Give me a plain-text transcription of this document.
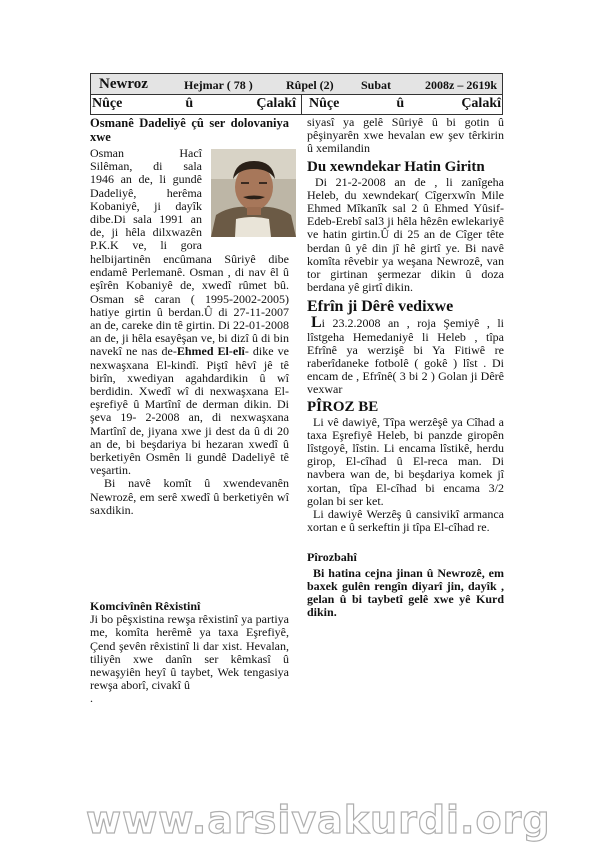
Newroz	Hejmar ( 78 )	Rûpel (2) Subat	2008z – 2619k
Nûçe	û	Çalakî Nûçe	û	Çalakî

Osmanê Dadeliyê çû ser dolovaniya xwe

Osman Hacî

Silêman, di sala

1946 an de, li gundê

Dadeliyê, herêma

Kobaniyê, ji dayîk

dibe.Di sala 1991 an

de, ji hêla dilxwazên

P.K.K ve, li gora

helbijartinên encûmana Sûriyê dibe endamê Perlemanê. Osman , di nav êl û eşîrên Kobaniyê de, xwedî rûmet bû. Osman sê caran ( 1995-2002-2005) hatiye girtin û berdan.Û di 27-11-2007 an de, careke din tê girtin. Di 22-01-2008 an de, ji hêla esayêşan ve, bi dizî û di bin navekî ne nas de-Ehmed El-elî- dike ve nexwaşxana El-kindî. Piştî hêvî jê tê birîn, xwediyan agahdardikin û wî berdidin. Xwedî wî di nexwaşxana El-eşrefiyê û Martînî de derman dikin. Di şeva 19- 2-2008 an, di nexwaşxana Martînî de, jiyana xwe ji dest da û di 20 an de, bi beşdariya bi hezaran xwedî û berketiyên Osmên li gundê Dadeliyê tê veşartin.

Bi navê komît û xwendevanên Newrozê, em serê xwedî û berketiyên wî saxdikin.

Komcivînên Rêxistinî

Ji bo pêşxistina rewşa rêxistinî ya partiya me, komîta herêmê ya taxa Eşrefiyê, Çend şevên rêxistinî li dar xist. Hevalan, tiliyên xwe danîn ser kêmkasî û newaşyiên heyî û taybet, Wek tengasiya rewşa aborî, civakî û

.

siyasî ya gelê Sûriyê û bi gotin û pêşinyarên xwe hevalan ew şev têrkirin û xemilandin

Du xewndekar Hatin Giritn

Di 21-2-2008 an de , li zanîgeha Heleb, du xewndekar( Cîgerxwîn Mile Ehmed Mîkanîk sal 2 û Ehmed Yûsif-Edeb-Erebî sal3 ji hêla hêzên ewlekariyê ve hatin girtin.Û di 25 an de Cîger tête berdan û yê din jî hê girtî ye. Bi navê komîta rêvebir ya weşana Newrozê, van tor girtinan şermezar dikin û doza berdana yê girtî dikin.

Efrîn ji Dêrê vedixwe

Li 23.2.2008 an , roja Şemiyê , li lîstgeha Hemedaniyê li Heleb , tîpa Efrînê ya werzişê bi Ya Fitiwê re raberîdaneke fotbolê ( gokê ) lîst . Di encam de , Efrînê( 3 bi 2 ) Golan ji Dêrê vexwar

PÎROZ BE

Li vê dawiyê, Tîpa werzêşê ya Cîhad a taxa Eşrefiyê Heleb, bi panzde giropên lîstgoyê, lîstin. Li encama lîstikê, herdu girop, El-cîhad û El-reca man. Di navbera wan de, bi beşdariya komek jî xortan, tîpa El-cîhad bi encama 3/2 golan bi ser ket.

Li dawiyê Werzêş û cansivikî armanca xortan e û serkeftin ji tîpa El-cîhad re.

Pîrozbahî

Bi hatina cejna jinan û Newrozê, em baxek gulên rengîn diyarî jin, dayîk , gelan û bi taybetî gelê xwe yê Kurd dikin.

www.arsivakurdi.org
